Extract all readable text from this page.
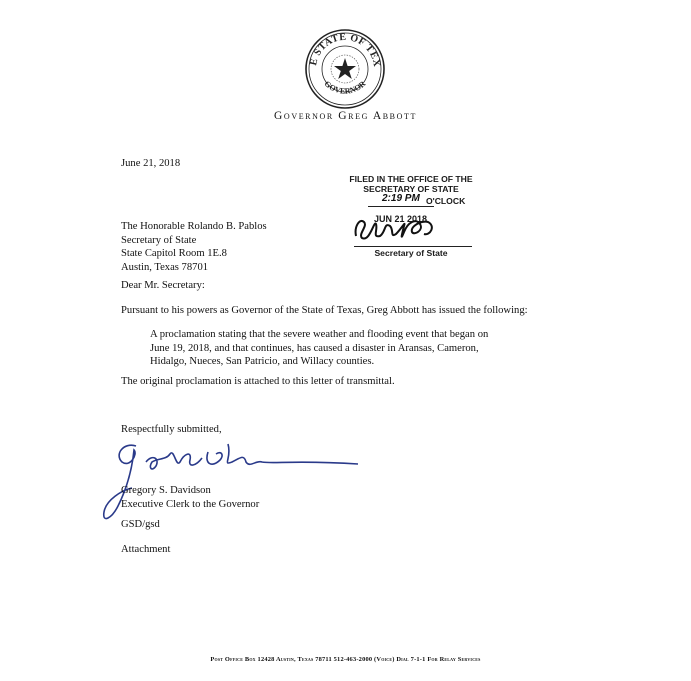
E STATE OF TEX
GOVERNOR
Governor Greg Abbott
June 21, 2018
FILED IN THE OFFICE OF THE
SECRETARY OF STATE
2:19 PM O'CLOCK
JUN 21 2018
Secretary of State
The Honorable Rolando B. Pablos
Secretary of State
State Capitol Room 1E.8
Austin, Texas 78701
Dear Mr. Secretary:
Pursuant to his powers as Governor of the State of Texas, Greg Abbott has issued the following:
A proclamation stating that the severe weather and flooding event that began on
June 19, 2018, and that continues, has caused a disaster in Aransas, Cameron,
Hidalgo, Nueces, San Patricio, and Willacy counties.
The original proclamation is attached to this letter of transmittal.
Respectfully submitted,
Gregory S. Davidson
Executive Clerk to the Governor
GSD/gsd
Attachment
Post Office Box 12428 Austin, Texas 78711 512-463-2000 (Voice) Dial 7-1-1 For Relay Services
